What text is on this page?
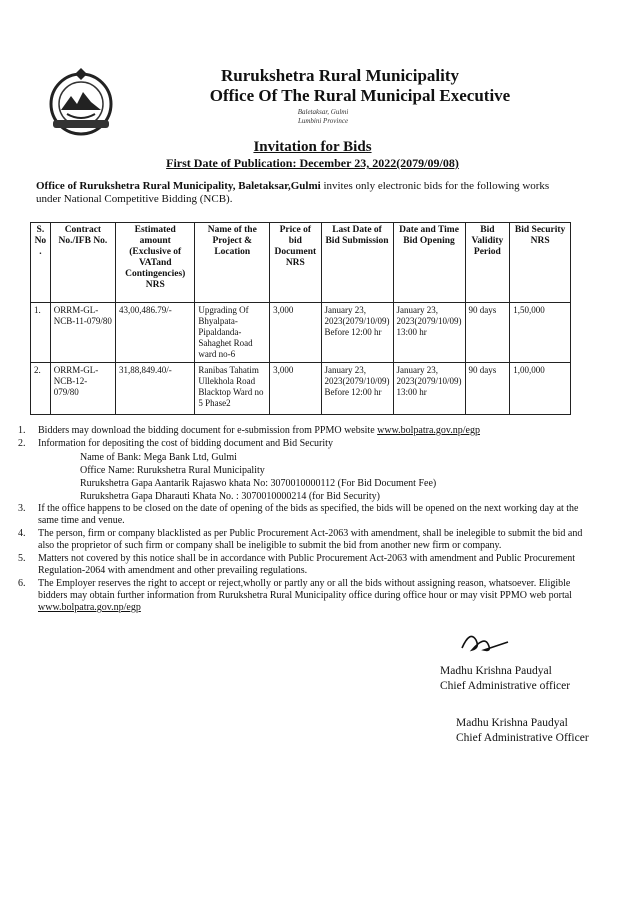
Rurukshetra Rural Municipality
Office Of The Rural Municipal Executive
Baletaksar, Gulmi
Lumbini Province
Invitation for Bids
First Date of Publication: December 23, 2022(2079/09/08)
Office of Rurukshetra Rural Municipality, Baletaksar,Gulmi invites only electronic bids for the following works under National Competitive Bidding (NCB).
S. No .	Contract No./IFB No.	Estimated amount (Exclusive of VATand Contingencies) NRS	Name of the Project & Location	Price of bid Document NRS	Last Date of Bid Submission	Date and Time Bid Opening	Bid Validity Period	Bid Security NRS
1.	ORRM-GL-NCB-11-079/80	43,00,486.79/-	Upgrading Of Bhyalpata-Pipaldanda-Sahaghet Road ward no-6	3,000	January 23, 2023(2079/10/09) Before 12:00 hr	January 23, 2023(2079/10/09) 13:00 hr	90 days	1,50,000
2.	ORRM-GL-NCB-12-079/80	31,88,849.40/-	Ranibas Tahatim Ullekhola Road Blacktop Ward no 5 Phase2	3,000	January 23, 2023(2079/10/09) Before 12:00 hr	January 23, 2023(2079/10/09) 13:00 hr	90 days	1,00,000
1.	Bidders may download the bidding document for e-submission from PPMO website www.bolpatra.gov.np/egp
2.	Information for depositing the cost of bidding document and Bid Security
Name of Bank: Mega Bank Ltd, Gulmi
Office Name: Rurukshetra Rural Municipality
Rurukshetra Gapa Aantarik Rajaswo khata No: 3070010000112 (For Bid Document Fee)
Rurukshetra Gapa Dharauti Khata No. : 3070010000214 (for Bid Security)
3.	If the office happens to be closed on the date of opening of the bids as specified, the bids will be opened on the next working day at the same time and venue.
4.	The person, firm or company blacklisted as per Public Procurement Act-2063 with amendment, shall be inelegible to submit the bid and also the proprietor of such firm or company shall be ineligible to submit the bid from another new firm or company.
5.	Matters not covered by this notice shall be in accordance with Public Procurement Act-2063 with amendment and Public Procurement Regulation-2064 with amendment and other prevailing regulations.
6.	The Employer reserves the right to accept or reject,wholly or partly any or all the bids without assigning reason, whatsoever. Eligible bidders may obtain further information from Rurukshetra Rural Municipality office during office hour or may visit PPMO web portal www.bolpatra.gov.np/egp
Madhu Krishna Paudyal
Chief Administrative officer
Madhu Krishna Paudyal
Chief Administrative Officer
